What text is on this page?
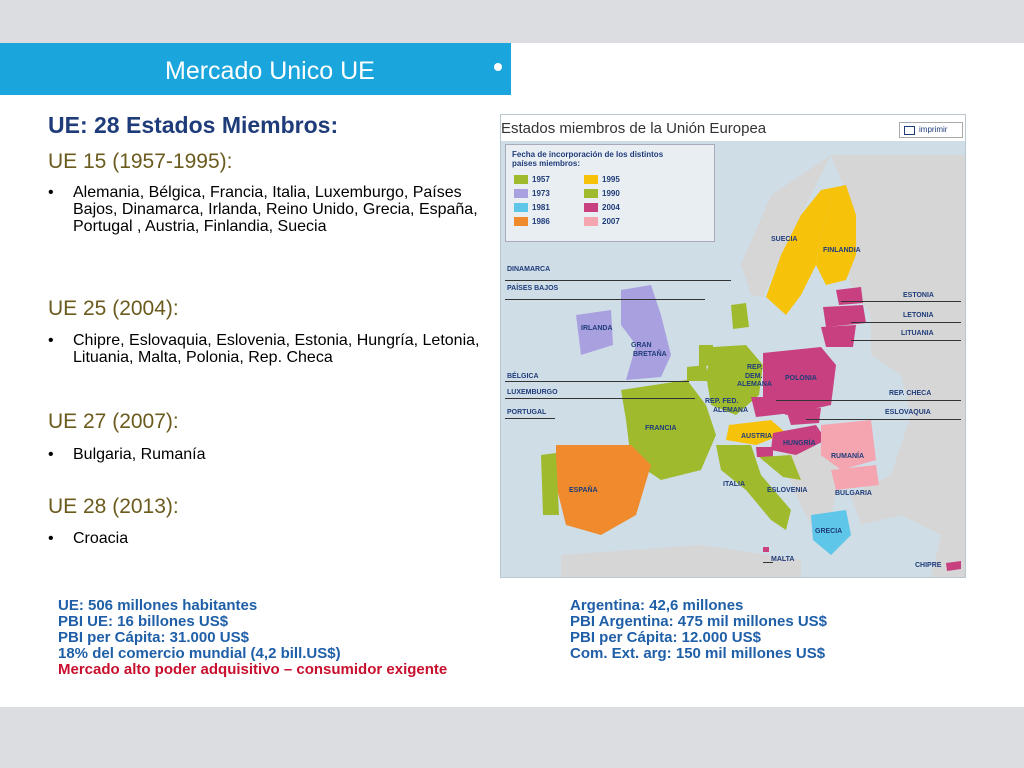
Mercado Unico UE
UE: 28 Estados Miembros:
UE 15 (1957-1995):
• Alemania, Bélgica, Francia, Italia, Luxemburgo, Países Bajos, Dinamarca, Irlanda, Reino Unido, Grecia, España, Portugal , Austria, Finlandia, Suecia
UE 25 (2004):
• Chipre, Eslovaquia, Eslovenia, Estonia, Hungría, Letonia, Lituania, Malta, Polonia, Rep. Checa
UE 27 (2007):
• Bulgaria, Rumanía
UE 28 (2013):
• Croacia
UE: 506 millones habitantes
PBI UE: 16 billones US$
PBI per Cápita: 31.000 US$
18% del comercio mundial (4,2 bill.US$)
Mercado alto poder adquisitivo – consumidor exigente
Argentina: 42,6 millones
PBI Argentina: 475 mil millones US$
PBI per Cápita: 12.000 US$
Com. Ext. arg: 150 mil millones US$
Estados miembros de la Unión Europea	imprimir
Fecha de incorporación de los distintos
países miembros:
1957	1995
1973	1990
1981	2004
1986	2007
DINAMARCA
PAÍSES BAJOS
BÉLGICA
LUXEMBURGO
PORTUGAL
IRLANDA
GRAN
BRETAÑA
SUECIA
FINLANDIA
ESTONIA
LETONIA
LITUANIA
REP.
DEM.
ALEMANA
POLONIA
REP. FED.
ALEMANA
REP. CHECA
ESLOVAQUIA
FRANCIA
AUSTRIA
HUNGRÍA
RUMANÍA
ITALIA
ESLOVENIA	BULGARIA
ESPAÑA
GRECIA
MALTA
CHIPRE
